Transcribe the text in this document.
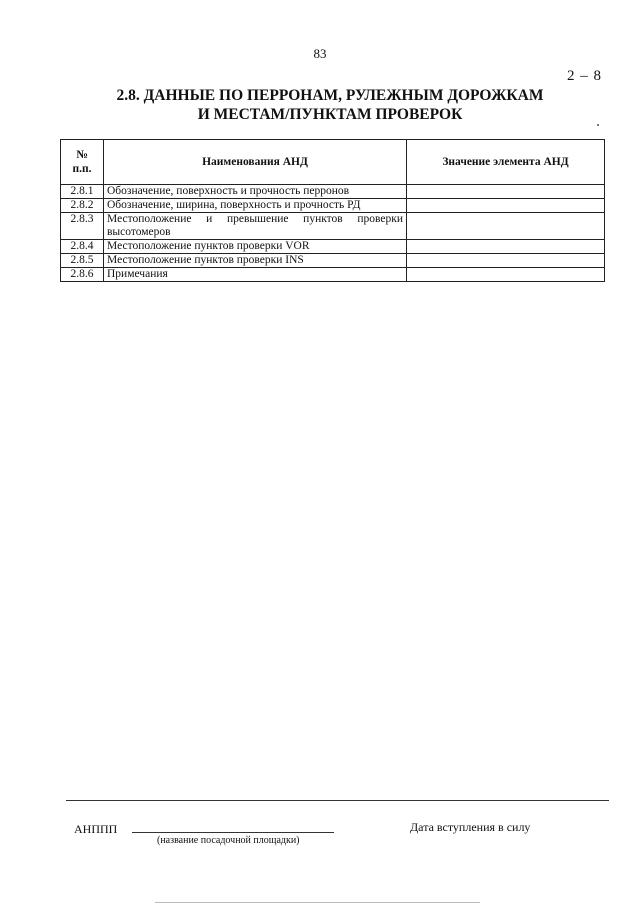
83
2 – 8
2.8. ДАННЫЕ ПО ПЕРРОНАМ, РУЛЕЖНЫМ ДОРОЖКАМ
И МЕСТАМ/ПУНКТАМ ПРОВЕРОК
№
п.п.	Наименования АНД	Значение элемента АНД
2.8.1	Обозначение, поверхность и прочность перронов	
2.8.2	Обозначение, ширина, поверхность и прочность РД	
2.8.3	Местоположение и превышение пунктов проверки высотомеров	
2.8.4	Местоположение пунктов проверки VOR	
2.8.5	Местоположение пунктов проверки INS	
2.8.6	Примечания	
АНППП
(название посадочной площадки)
Дата вступления в силу
